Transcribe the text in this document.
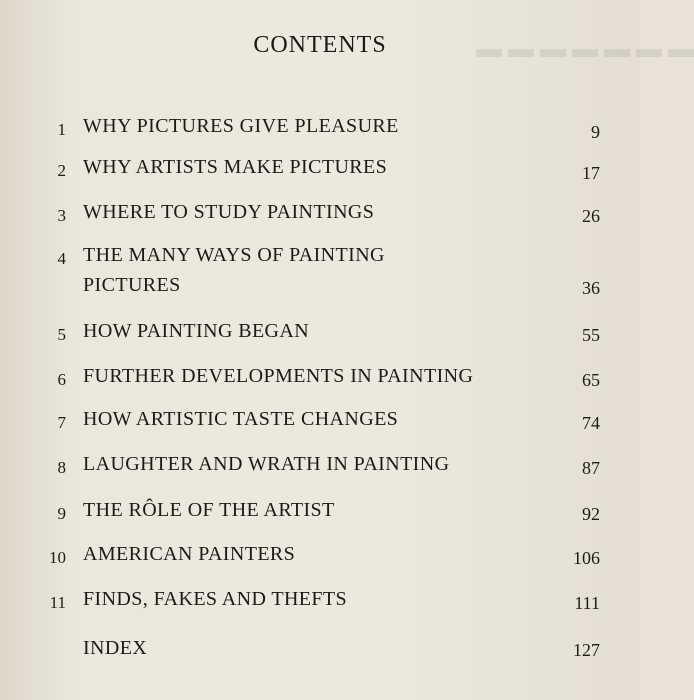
▬▬▬▬▬▬▬
CONTENTS
1 WHY PICTURES GIVE PLEASURE	9
2 WHY ARTISTS MAKE PICTURES	17
3 WHERE TO STUDY PAINTINGS	26
4 THE MANY WAYS OF PAINTING
PICTURES	36
5 HOW PAINTING BEGAN	55
6 FURTHER DEVELOPMENTS IN PAINTING	65
7 HOW ARTISTIC TASTE CHANGES	74
8 LAUGHTER AND WRATH IN PAINTING	87
9 THE RÔLE OF THE ARTIST	92
10 AMERICAN PAINTERS	106
11 FINDS, FAKES AND THEFTS	111
INDEX	127
